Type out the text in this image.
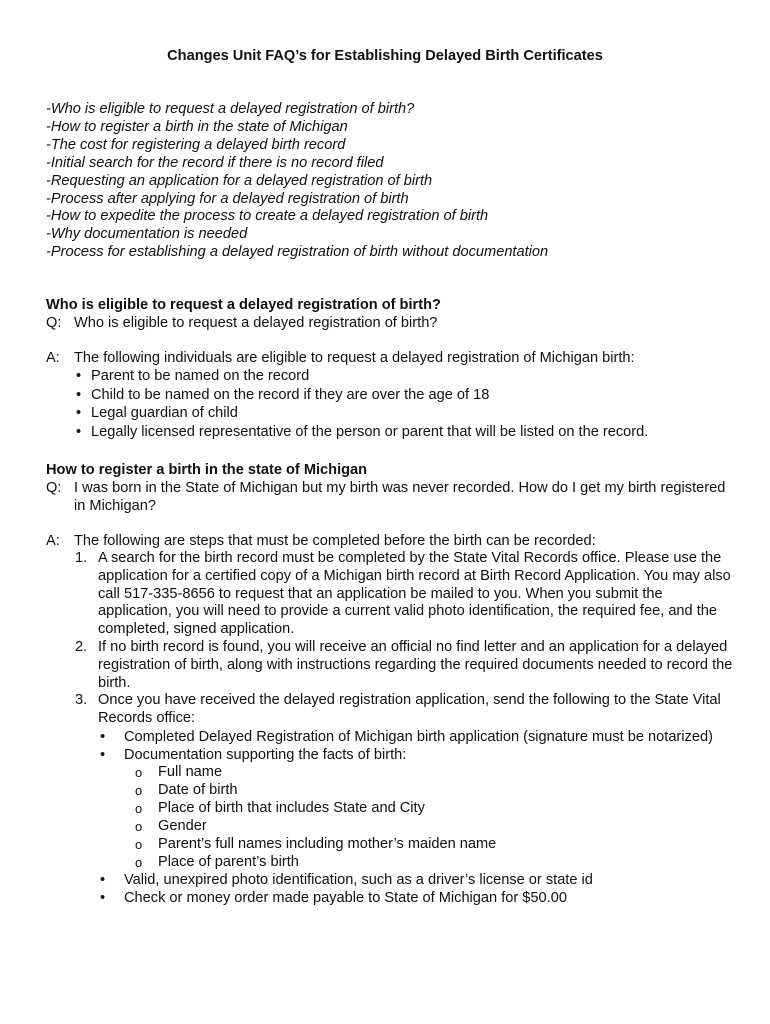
Changes Unit FAQ’s for Establishing Delayed Birth Certificates
-Who is eligible to request a delayed registration of birth?
-How to register a birth in the state of Michigan
-The cost for registering a delayed birth record
-Initial search for the record if there is no record filed
-Requesting an application for a delayed registration of birth
-Process after applying for a delayed registration of birth
-How to expedite the process to create a delayed registration of birth
-Why documentation is needed
-Process for establishing a delayed registration of birth without documentation
Who is eligible to request a delayed registration of birth?
Q: Who is eligible to request a delayed registration of birth?
A: The following individuals are eligible to request a delayed registration of Michigan birth:
• Parent to be named on the record
• Child to be named on the record if they are over the age of 18
• Legal guardian of child
• Legally licensed representative of the person or parent that will be listed on the record.
How to register a birth in the state of Michigan
Q: I was born in the State of Michigan but my birth was never recorded. How do I get my birth registered in Michigan?
A: The following are steps that must be completed before the birth can be recorded:
1. A search for the birth record must be completed by the State Vital Records office. Please use the application for a certified copy of a Michigan birth record at Birth Record Application. You may also call 517-335-8656 to request that an application be mailed to you. When you submit the application, you will need to provide a current valid photo identification, the required fee, and the completed, signed application.
2. If no birth record is found, you will receive an official no find letter and an application for a delayed registration of birth, along with instructions regarding the required documents needed to record the birth.
3. Once you have received the delayed registration application, send the following to the State Vital Records office:
• Completed Delayed Registration of Michigan birth application (signature must be notarized)
• Documentation supporting the facts of birth:
o Full name
o Date of birth
o Place of birth that includes State and City
o Gender
o Parent’s full names including mother’s maiden name
o Place of parent’s birth
• Valid, unexpired photo identification, such as a driver’s license or state id
• Check or money order made payable to State of Michigan for $50.00
